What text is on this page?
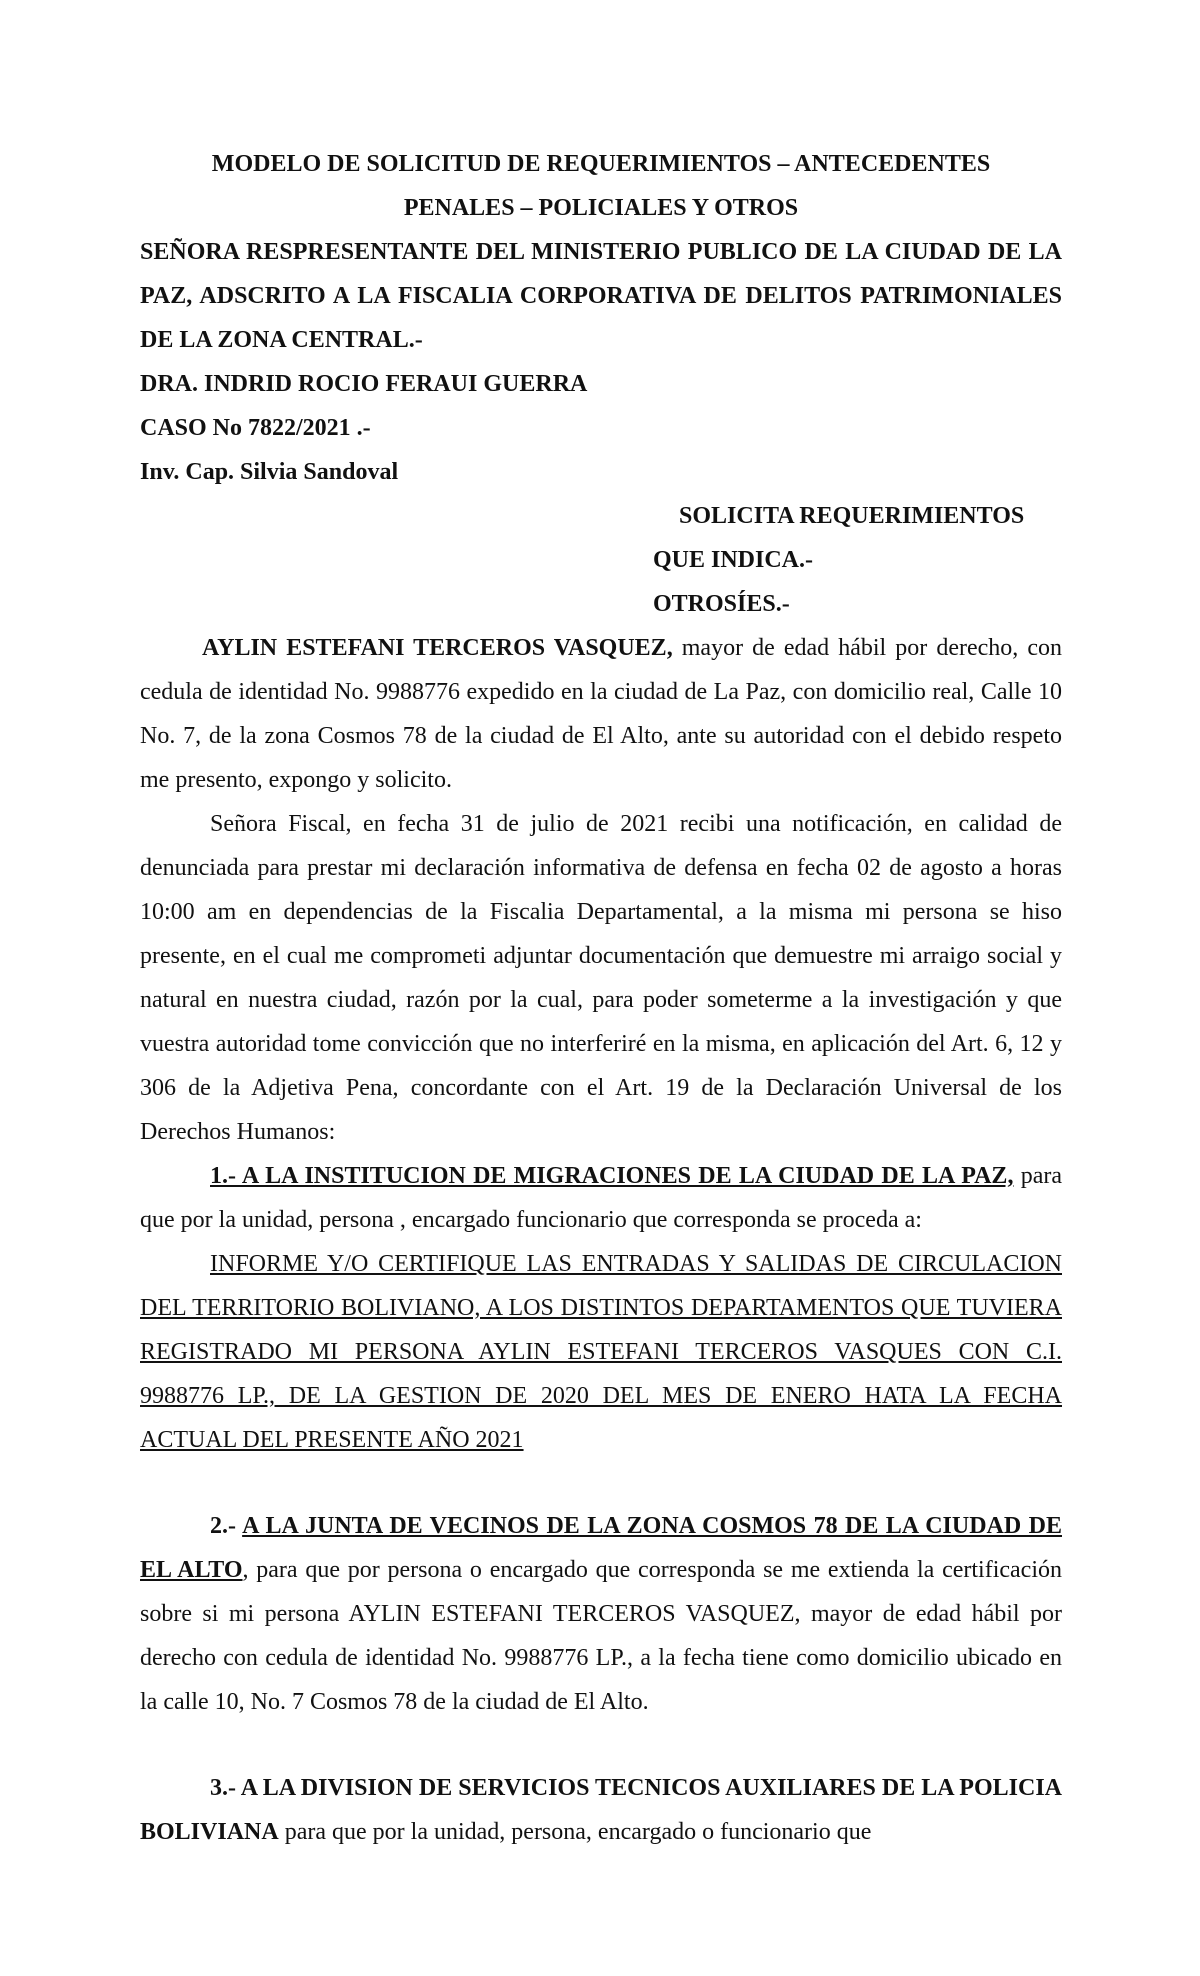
MODELO DE SOLICITUD DE REQUERIMIENTOS – ANTECEDENTES
PENALES – POLICIALES Y OTROS
SEÑORA RESPRESENTANTE DEL MINISTERIO PUBLICO DE LA CIUDAD DE LA PAZ, ADSCRITO A LA FISCALIA CORPORATIVA DE DELITOS PATRIMONIALES DE LA ZONA CENTRAL.-
DRA. INDRID ROCIO FERAUI GUERRA
CASO No 7822/2021 .-
Inv. Cap. Silvia Sandoval
SOLICITA REQUERIMIENTOS
QUE INDICA.-
OTROSÍES.-
AYLIN ESTEFANI TERCEROS VASQUEZ, mayor de edad hábil por derecho, con cedula de identidad No. 9988776 expedido en la ciudad de La Paz, con domicilio real, Calle 10 No. 7, de la zona Cosmos 78 de la ciudad de El Alto, ante su autoridad con el debido respeto me presento, expongo y solicito.
Señora Fiscal, en fecha 31 de julio de 2021 recibi una notificación, en calidad de denunciada para prestar mi declaración informativa de defensa en fecha 02 de agosto a horas 10:00 am en dependencias de la Fiscalia Departamental, a la misma mi persona se hiso presente, en el cual me comprometi adjuntar documentación que demuestre mi arraigo social y natural en nuestra ciudad, razón por la cual, para poder someterme a la investigación y que vuestra autoridad tome convicción que no interferiré en la misma, en aplicación del Art. 6, 12 y 306 de la Adjetiva Pena, concordante con el Art. 19 de la Declaración Universal de los Derechos Humanos:
1.- A LA INSTITUCION DE MIGRACIONES DE LA CIUDAD DE LA PAZ, para que por la unidad, persona , encargado funcionario que corresponda se proceda a:
INFORME Y/O CERTIFIQUE LAS ENTRADAS Y SALIDAS DE CIRCULACION DEL TERRITORIO BOLIVIANO, A LOS DISTINTOS DEPARTAMENTOS QUE TUVIERA REGISTRADO MI PERSONA AYLIN ESTEFANI TERCEROS VASQUES CON C.I. 9988776 LP., DE LA GESTION DE 2020 DEL MES DE ENERO HATA LA FECHA ACTUAL DEL PRESENTE AÑO 2021
2.- A LA JUNTA DE VECINOS DE LA ZONA COSMOS 78 DE LA CIUDAD DE EL ALTO, para que por persona o encargado que corresponda se me extienda la certificación sobre si mi persona AYLIN ESTEFANI TERCEROS VASQUEZ, mayor de edad hábil por derecho con cedula de identidad No. 9988776 LP., a la fecha tiene como domicilio ubicado en la calle 10, No. 7 Cosmos 78 de la ciudad de El Alto.
3.- A LA DIVISION DE SERVICIOS TECNICOS AUXILIARES DE LA POLICIA BOLIVIANA para que por la unidad, persona, encargado o funcionario que
